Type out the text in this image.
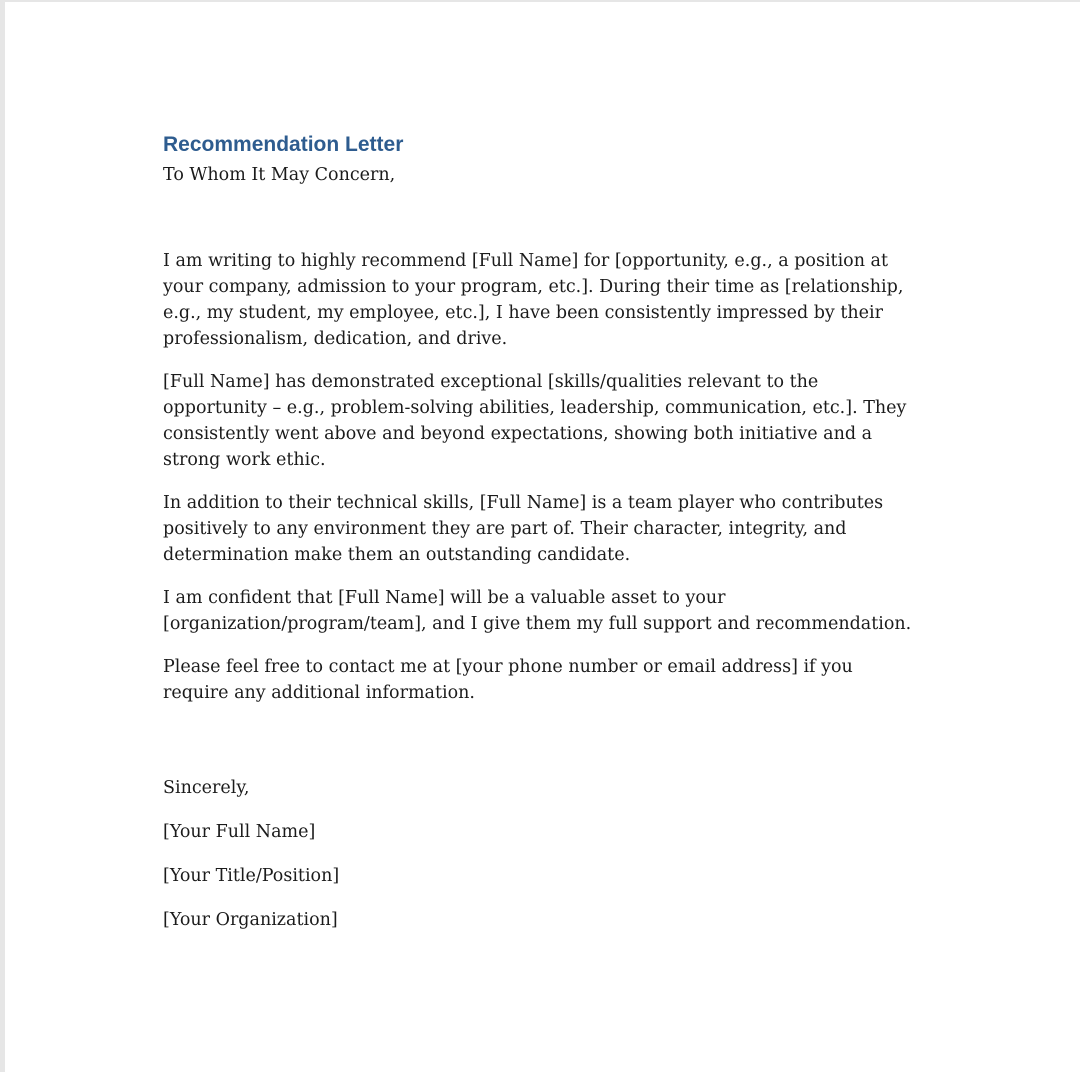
Recommendation Letter

To Whom It May Concern,

I am writing to highly recommend [Full Name] for [opportunity, e.g., a position at your company, admission to your program, etc.]. During their time as [relationship, e.g., my student, my employee, etc.], I have been consistently impressed by their professionalism, dedication, and drive.

[Full Name] has demonstrated exceptional [skills/qualities relevant to the opportunity – e.g., problem-solving abilities, leadership, communication, etc.]. They consistently went above and beyond expectations, showing both initiative and a strong work ethic.

In addition to their technical skills, [Full Name] is a team player who contributes positively to any environment they are part of. Their character, integrity, and determination make them an outstanding candidate.

I am confident that [Full Name] will be a valuable asset to your [organization/program/team], and I give them my full support and recommendation.

Please feel free to contact me at [your phone number or email address] if you require any additional information.

Sincerely,

[Your Full Name]

[Your Title/Position]

[Your Organization]
